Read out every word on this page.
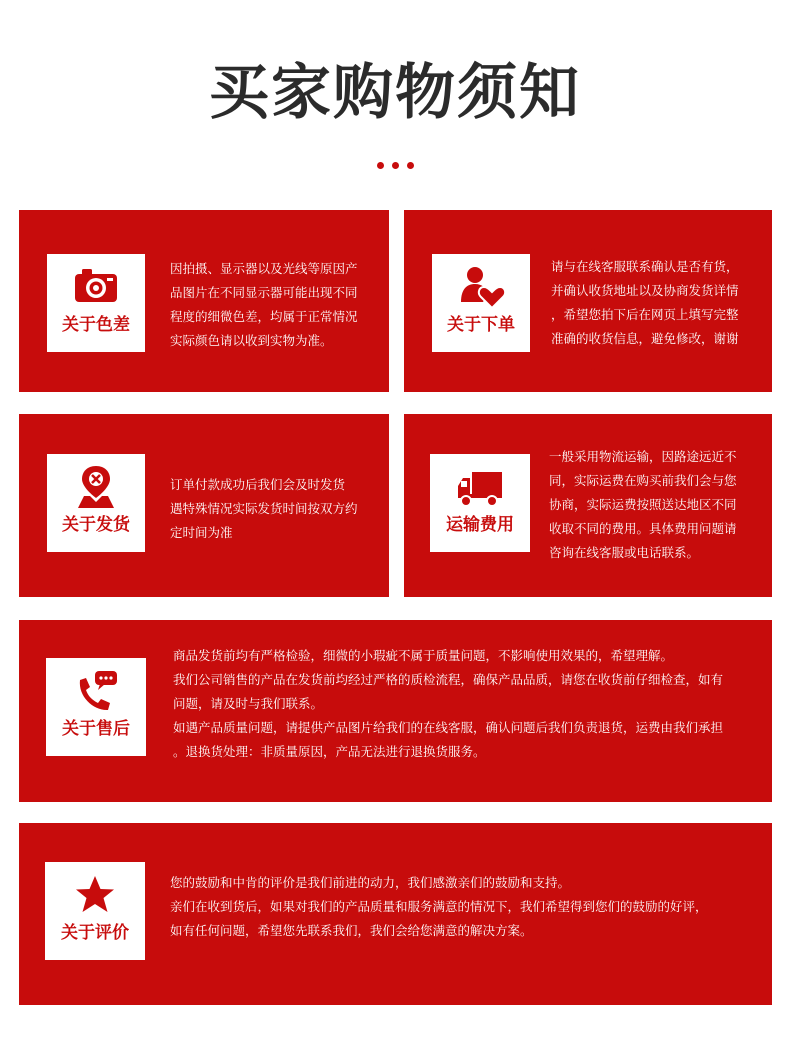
买家购物须知
关于色差

因拍摄、显示器以及光线等原因产

品图片在不同显示器可能出现不同

程度的细微色差，均属于正常情况

实际颜色请以收到实物为准。

关于下单

请与在线客服联系确认是否有货，

并确认收货地址以及协商发货详情

，希望您拍下后在网页上填写完整

准确的收货信息，避免修改，谢谢

关于发货

订单付款成功后我们会及时发货

遇特殊情况实际发货时间按双方约

定时间为准	运输费用

一般采用物流运输，因路途远近不

同，实际运费在购买前我们会与您

协商，实际运费按照送达地区不同

收取不同的费用。具体费用问题请

咨询在线客服或电话联系。

关于售后

商品发货前均有严格检验，细微的小瑕疵不属于质量问题，不影响使用效果的，希望理解。

我们公司销售的产品在发货前均经过严格的质检流程，确保产品品质，请您在收货前仔细检查，如有

问题，请及时与我们联系。

如遇产品质量问题，请提供产品图片给我们的在线客服，确认问题后我们负责退货，运费由我们承担

。退换货处理：非质量原因，产品无法进行退换货服务。

关于评价

您的鼓励和中肯的评价是我们前进的动力，我们感激亲们的鼓励和支持。

亲们在收到货后，如果对我们的产品质量和服务满意的情况下，我们希望得到您们的鼓励的好评，

如有任何问题，希望您先联系我们，我们会给您满意的解决方案。
